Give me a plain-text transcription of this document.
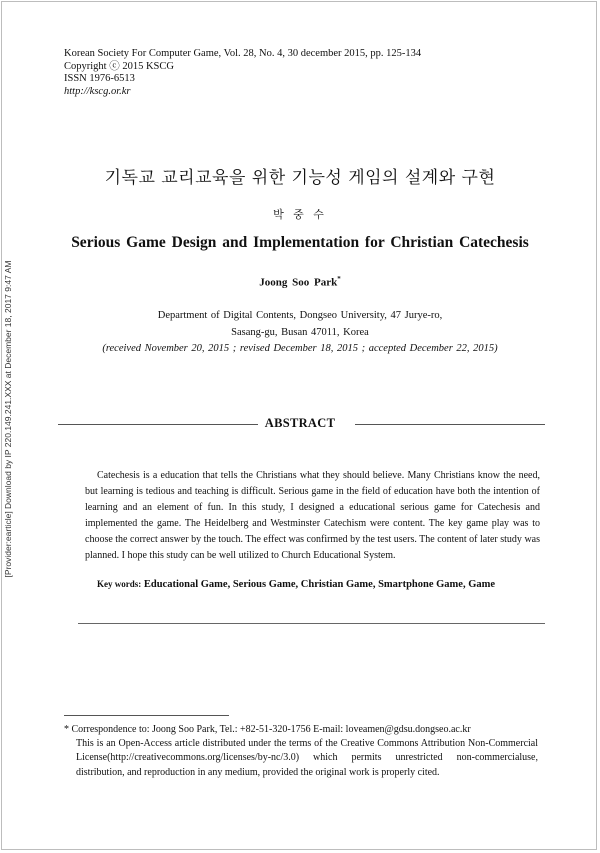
Korean Society For Computer Game, Vol. 28, No. 4, 30 december 2015, pp. 125-134
Copyright ⓒ 2015 KSCG
ISSN 1976-6513
http://kscg.or.kr
[Provider:earticle] Download by IP 220.149.241.XXX at December 18, 2017 9:47 AM
기독교 교리교육을 위한 기능성 게임의 설계와 구현
박 중 수
Serious Game Design and Implementation for Christian Catechesis
Joong Soo Park*
Department of Digital Contents, Dongseo University, 47 Jurye-ro,
Sasang-gu, Busan 47011, Korea
(received November 20, 2015 ; revised December 18, 2015 ; accepted December 22, 2015)
ABSTRACT
Catechesis is a education that tells the Christians what they should believe. Many Christians know the need, but learning is tedious and teaching is difficult. Serious game in the field of education have both the intention of learning and an element of fun. In this study, I designed a educational serious game for Catechesis and implemented the game. The Heidelberg and Westminster Catechism were content. The key game play was to choose the correct answer by the touch. The effect was confirmed by the test users. The content of later study was planned. I hope this study can be well utilized to Church Educational System.
Key words: Educational Game, Serious Game, Christian Game, Smartphone Game, Game
* Correspondence to: Joong Soo Park, Tel.: +82-51-320-1756 E-mail: loveamen@gdsu.dongseo.ac.kr
This is an Open-Access article distributed under the terms of the Creative Commons Attribution Non-Commercial License(http://creativecommons.org/licenses/by-nc/3.0) which permits unrestricted non-commercialuse, distribution, and reproduction in any medium, provided the original work is properly cited.
